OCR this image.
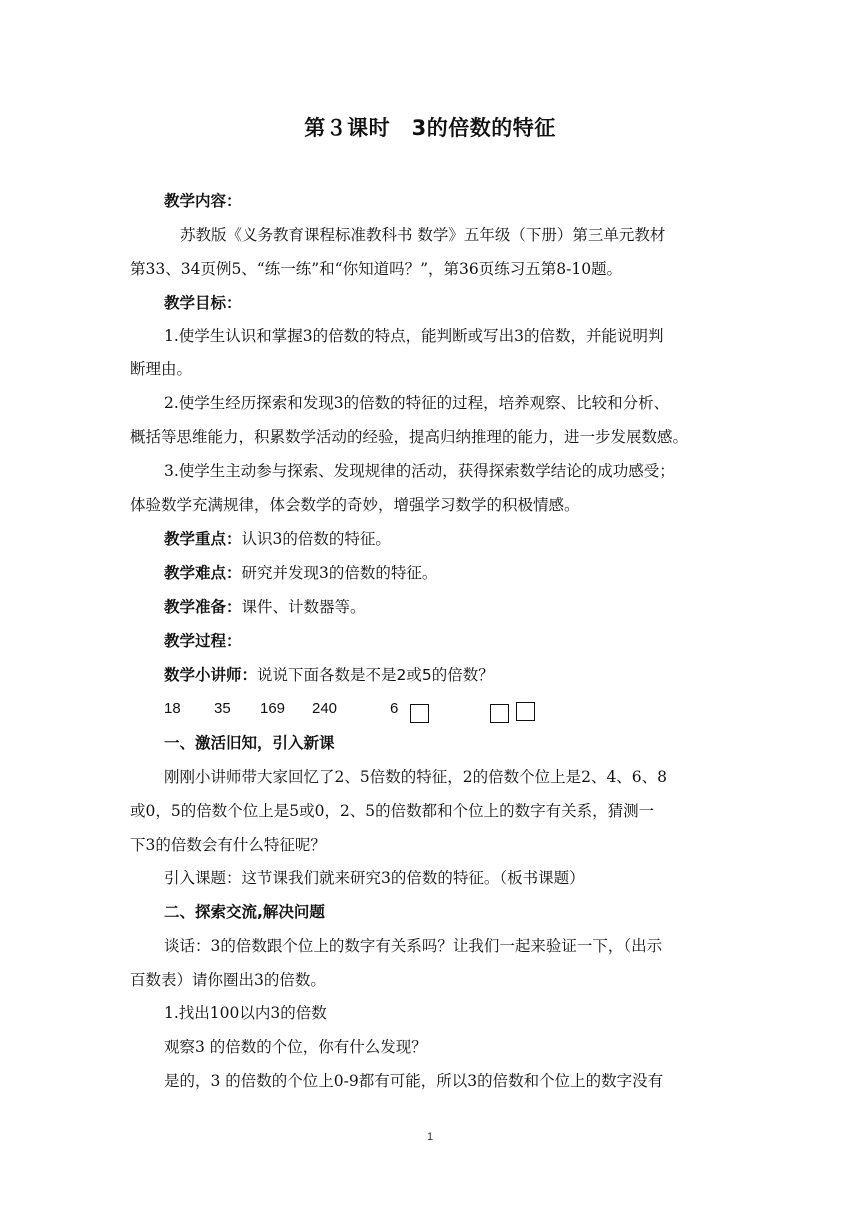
第３课时　3的倍数的特征
教学内容：
苏教版《义务教育课程标准教科书 数学》五年级（下册）第三单元教材
第33、34页例5、“练一练”和“你知道吗？”，第36页练习五第8-10题。
教学目标：
1.使学生认识和掌握3的倍数的特点，能判断或写出3的倍数，并能说明判
断理由。
2.使学生经历探索和发现3的倍数的特征的过程，培养观察、比较和分析、
概括等思维能力，积累数学活动的经验，提高归纳推理的能力，进一步发展数感。
3.使学生主动参与探索、发现规律的活动，获得探索数学结论的成功感受；
体验数学充满规律，体会数学的奇妙，增强学习数学的积极情感。
教学重点：认识3的倍数的特征。
教学难点：研究并发现3的倍数的特征。
教学准备：课件、计数器等。
教学过程：
数学小讲师：说说下面各数是不是2或5的倍数？
18 35 169 240	6
一、激活旧知，引入新课
刚刚小讲师带大家回忆了2、5倍数的特征，2的倍数个位上是2、4、6、8
或0，5的倍数个位上是5或0，2、5的倍数都和个位上的数字有关系，猜测一
下3的倍数会有什么特征呢？
引入课题：这节课我们就来研究3的倍数的特征。（板书课题）
二、探索交流,解决问题
谈话：3的倍数跟个位上的数字有关系吗？让我们一起来验证一下，（出示
百数表）请你圈出3的倍数。
1.找出100以内3的倍数
观察3 的倍数的个位，你有什么发现？
是的，3 的倍数的个位上0-9都有可能，所以3的倍数和个位上的数字没有
1
